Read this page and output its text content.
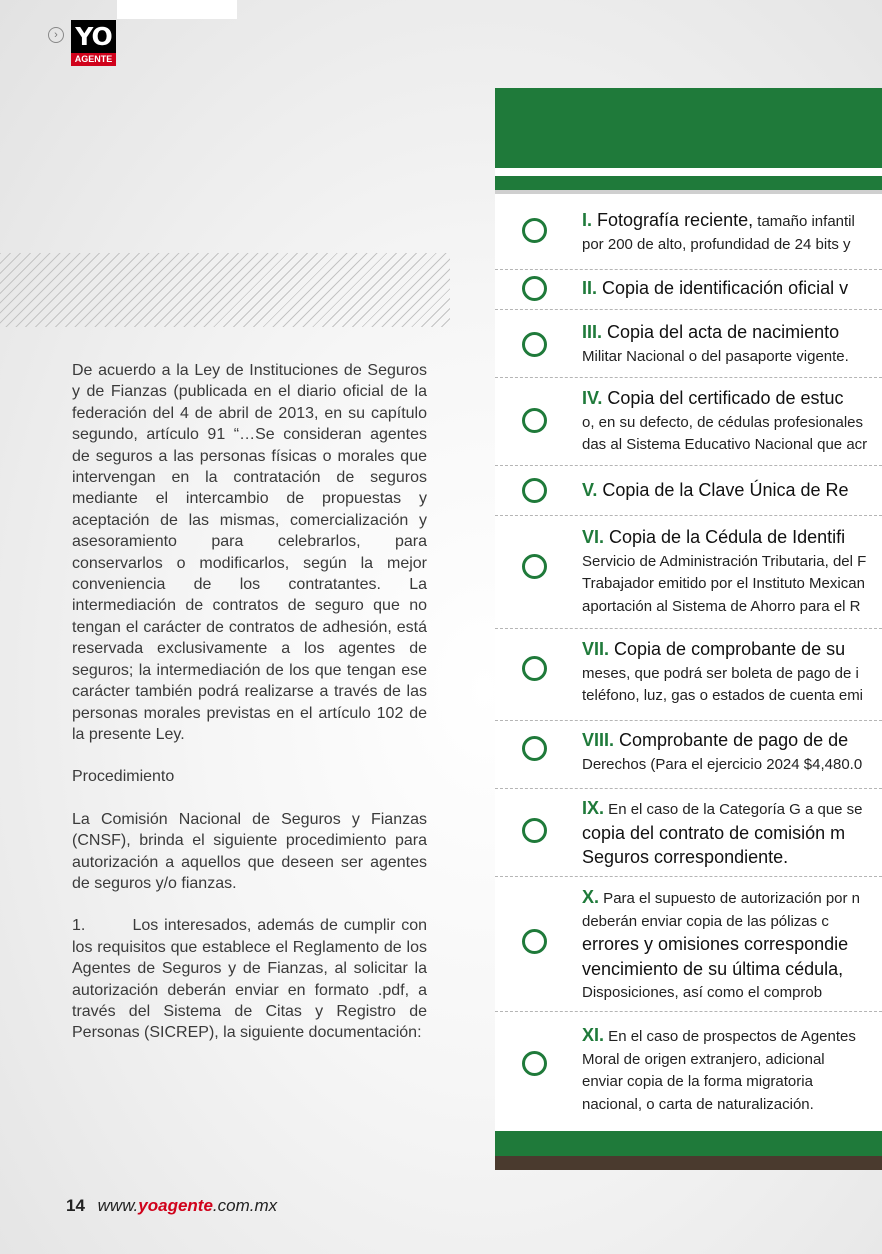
› YO
AGENTE

De acuerdo a la Ley de Instituciones de Seguros y de Fianzas (publicada en el diario oficial de la federación del 4 de abril de 2013, en su capítulo segundo, artículo 91 “…Se consideran agentes de seguros a las personas físicas o morales que intervengan en la contratación de seguros mediante el intercambio de propuestas y aceptación de las mismas, comercialización y asesoramiento para celebrarlos, para conservarlos o modificarlos, según la mejor conveniencia de los contratantes. La intermediación de contratos de seguro que no tengan el carácter de contratos de adhesión, está reservada exclusivamente a los agentes de seguros; la intermediación de los que tengan ese carácter también podrá realizarse a través de las personas morales previstas en el artículo 102 de la presente Ley.

Procedimiento

La Comisión Nacional de Seguros y Fianzas (CNSF), brinda el siguiente procedimiento para autorización a aquellos que deseen ser agentes de seguros y/o fianzas.

1.        Los interesados, además de cumplir con los requisitos que establece el Reglamento de los Agentes de Seguros y de Fianzas, al solicitar la autorización deberán enviar en formato .pdf, a través del Sistema de Citas y Registro de Personas (SICREP), la siguiente documentación:

14 www.yoagente.com.mx
I. Fotografía reciente, tamaño infantil
por 200 de alto, profundidad de 24 bits y
II. Copia de identificación oficial v
III. Copia del acta de nacimiento
Militar Nacional o del pasaporte vigente.
IV. Copia del certificado de estuc
o, en su defecto, de cédulas profesionales
das al Sistema Educativo Nacional que acr
V. Copia de la Clave Única de Re
VI. Copia de la Cédula de Identifi
Servicio de Administración Tributaria, del F
Trabajador emitido por el Instituto Mexican
aportación al Sistema de Ahorro para el R
VII. Copia de comprobante de su
meses, que podrá ser boleta de pago de i
teléfono, luz, gas o estados de cuenta emi
VIII. Comprobante de pago de de
Derechos (Para el ejercicio 2024 $4,480.0
IX. En el caso de la Categoría G a que se
copia del contrato de comisión m
Seguros correspondiente.
X. Para el supuesto de autorización por n
deberán enviar copia de las pólizas c
errores y omisiones correspondie
vencimiento de su última cédula,
Disposiciones, así como el comprob
XI. En el caso de prospectos de Agentes
Moral de origen extranjero, adicional
enviar copia de la forma migratoria
nacional, o carta de naturalización.
